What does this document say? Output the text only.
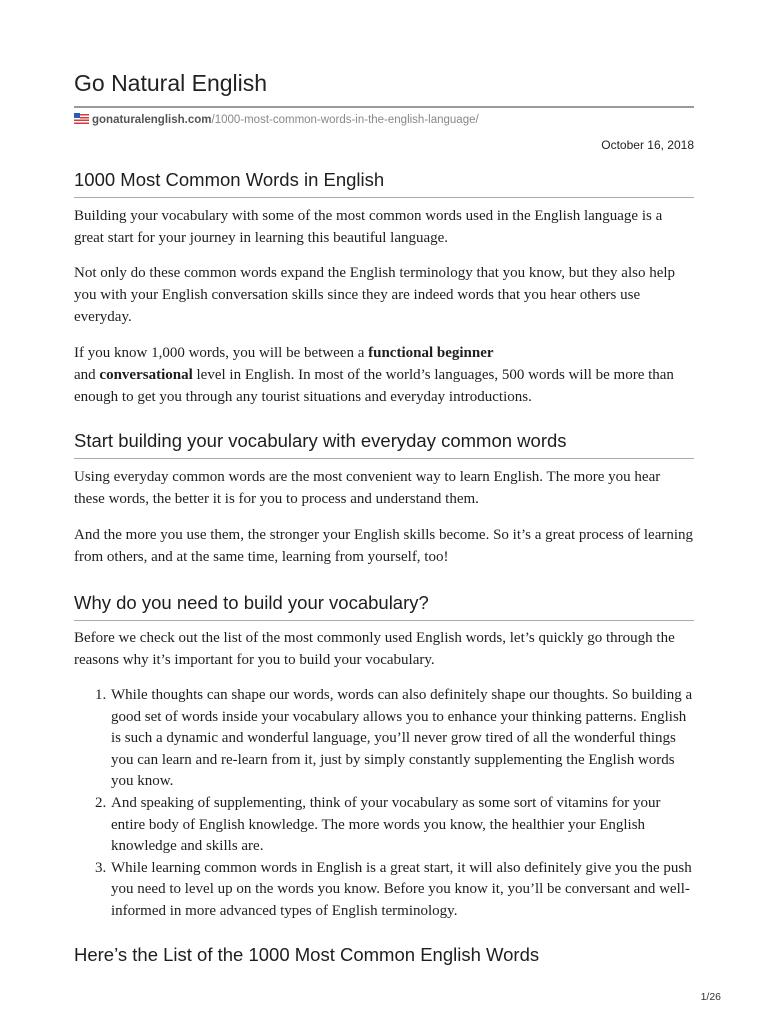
Go Natural English
gonaturalenglish.com/1000-most-common-words-in-the-english-language/
October 16, 2018
1000 Most Common Words in English

Building your vocabulary with some of the most common words used in the English language is a great start for your journey in learning this beautiful language.

Not only do these common words expand the English terminology that you know, but they also help you with your English conversation skills since they are indeed words that you hear others use everyday.

If you know 1,000 words, you will be between a functional beginner
and conversational level in English. In most of the world’s languages, 500 words will be more than enough to get you through any tourist situations and everyday introductions.

Start building your vocabulary with everyday common words

Using everyday common words are the most convenient way to learn English. The more you hear these words, the better it is for you to process and understand them.

And the more you use them, the stronger your English skills become. So it’s a great process of learning from others, and at the same time, learning from yourself, too!

Why do you need to build your vocabulary?

Before we check out the list of the most commonly used English words, let’s quickly go through the reasons why it’s important for you to build your vocabulary.

1. While thoughts can shape our words, words can also definitely shape our thoughts. So building a good set of words inside your vocabulary allows you to enhance your thinking patterns. English is such a dynamic and wonderful language, you’ll never grow tired of all the wonderful things you can learn and re-learn from it, just by simply constantly supplementing the English words you know.
2. And speaking of supplementing, think of your vocabulary as some sort of vitamins for your entire body of English knowledge. The more words you know, the healthier your English knowledge and skills are.
3. While learning common words in English is a great start, it will also definitely give you the push you need to level up on the words you know. Before you know it, you’ll be conversant and well-informed in more advanced types of English terminology.
Here’s the List of the 1000 Most Common English Words
1/26
